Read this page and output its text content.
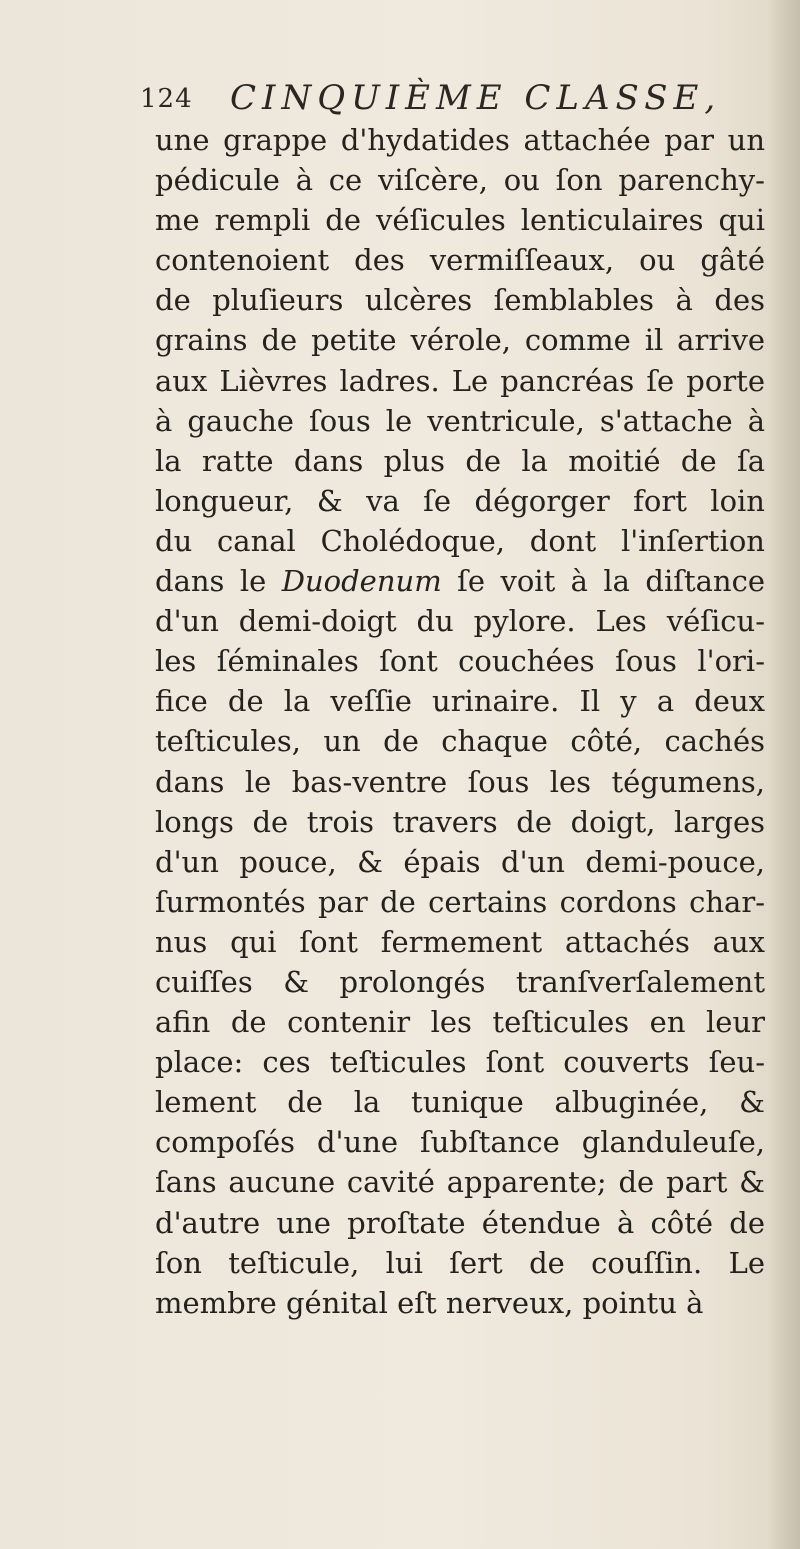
124 CINQUIÈME CLASSE,
une grappe d'hydatides attachée par un
pédicule à ce viſcère, ou ſon parenchy-
me rempli de véſicules lenticulaires qui
contenoient des vermiſſeaux, ou gâté
de pluſieurs ulcères ſemblables à des
grains de petite vérole, comme il arrive
aux Lièvres ladres. Le pancréas ſe porte
à gauche ſous le ventricule, s'attache à
la ratte dans plus de la moitié de ſa
longueur, & va ſe dégorger fort loin
du canal Cholédoque, dont l'inſertion
dans le Duodenum ſe voit à la diſtance
d'un demi-doigt du pylore. Les véſicu-
les ſéminales ſont couchées ſous l'ori-
fice de la veſſie urinaire. Il y a deux
teſticules, un de chaque côté, cachés
dans le bas-ventre ſous les tégumens,
longs de trois travers de doigt, larges
d'un pouce, & épais d'un demi-pouce,
ſurmontés par de certains cordons char-
nus qui ſont fermement attachés aux
cuiſſes & prolongés tranſverſalement
afin de contenir les teſticules en leur
place: ces teſticules ſont couverts ſeu-
lement de la tunique albuginée, &
compoſés d'une ſubſtance glanduleuſe,
ſans aucune cavité apparente; de part &
d'autre une proſtate étendue à côté de
ſon teſticule, lui ſert de couſſin. Le
membre génital eſt nerveux, pointu à
